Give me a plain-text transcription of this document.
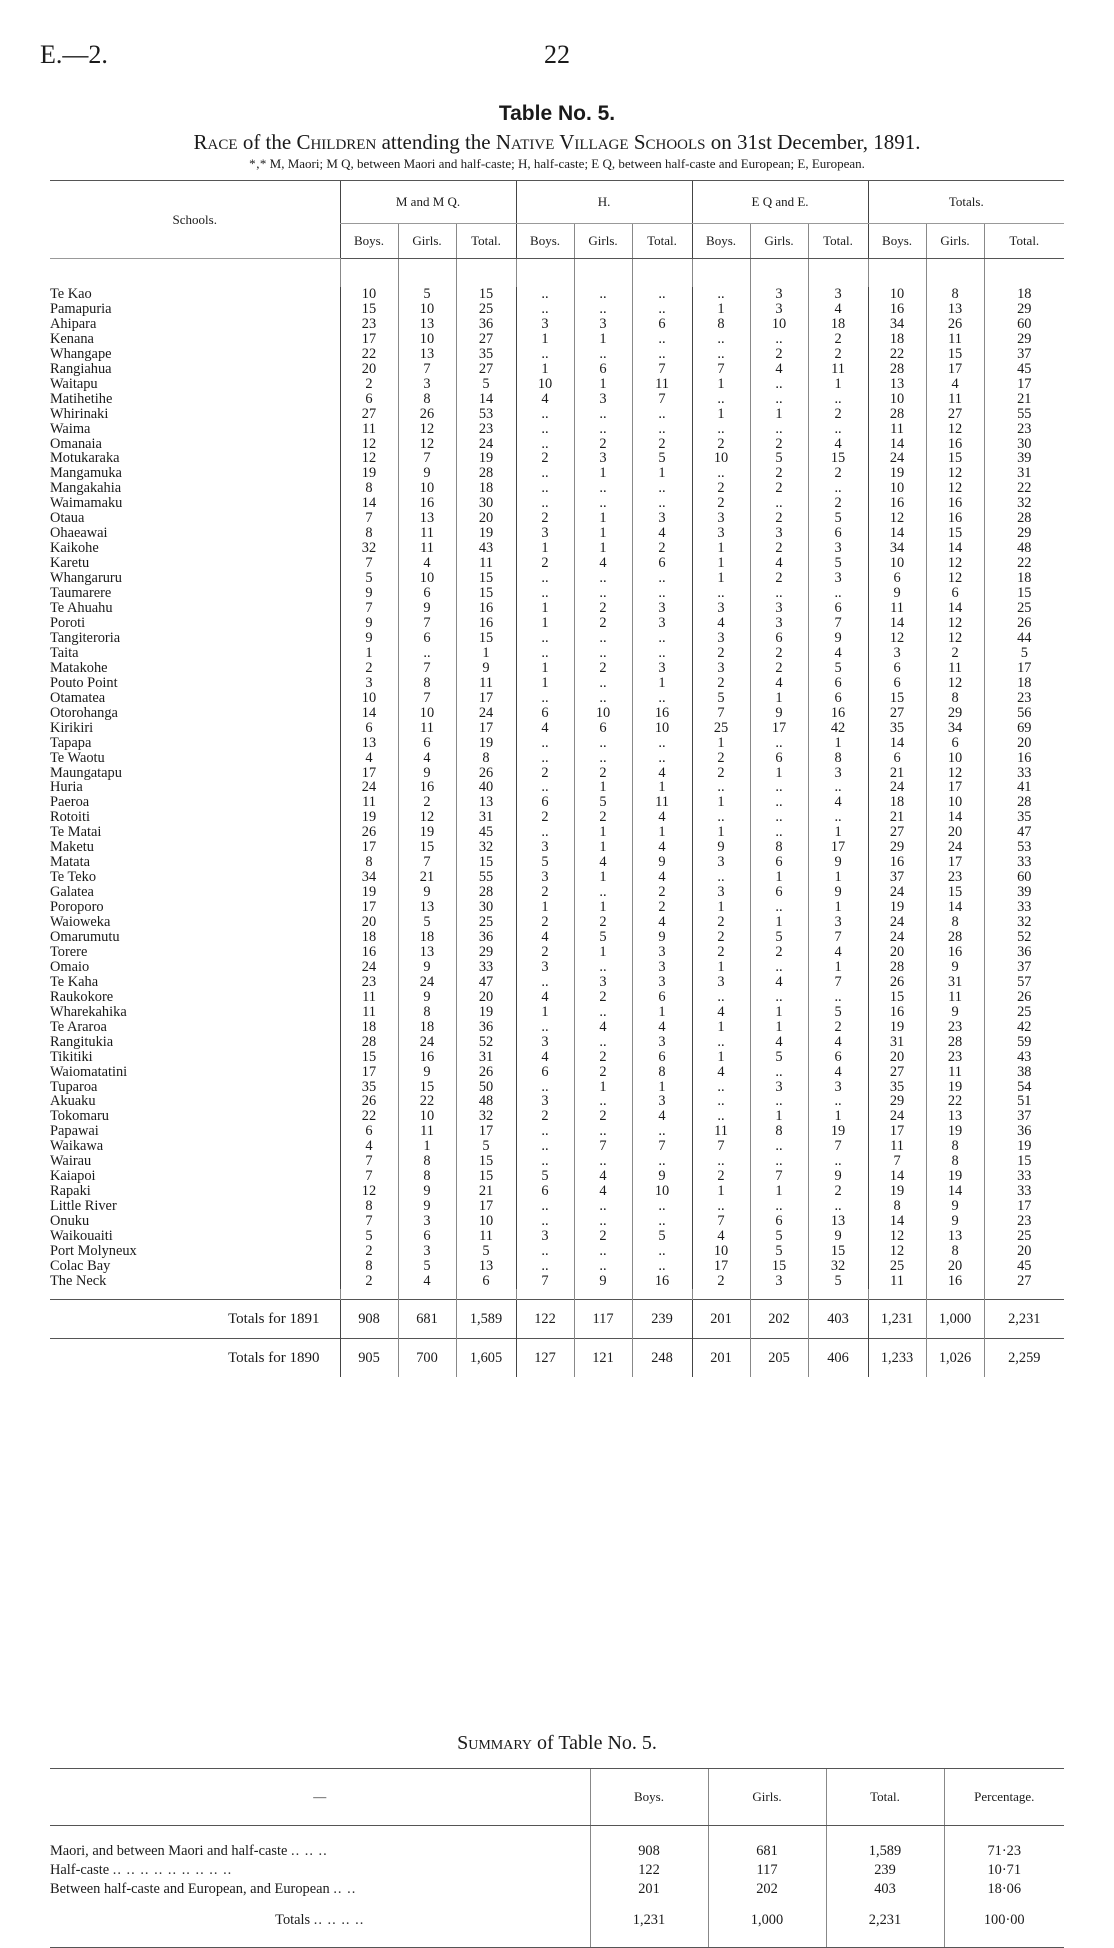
E.—2.	22
Table No. 5.
Race of the Children attending the Native Village Schools on 31st December, 1891.
*‚* M, Maori; M Q, between Maori and half-caste; H, half-caste; E Q, between half-caste and European; E, European.
Schools.	M and M Q.			H.			E Q and E.			Totals.		
	Boys.	Girls.	Total.	Boys.	Girls.	Total.	Boys.	Girls.	Total.	Boys.	Girls.	Total.

Te Kao	10	5	15	..	..	..	..	3	3	10	8	18
Pamapuria	15	10	25	..	..	..	1	3	4	16	13	29
Ahipara	23	13	36	3	3	6	8	10	18	34	26	60
Kenana	17	10	27	1	1	..	..	..	2	18	11	29
Whangape	22	13	35	..	..	..	..	2	2	22	15	37
Rangiahua	20	7	27	1	6	7	7	4	11	28	17	45
Waitapu	2	3	5	10	1	11	1	..	1	13	4	17
Matihetihe	6	8	14	4	3	7	..	..	..	10	11	21
Whirinaki	27	26	53	..	..	..	1	1	2	28	27	55
Waima	11	12	23	..	..	..	..	..	..	11	12	23
Omanaia	12	12	24	..	2	2	2	2	4	14	16	30
Motukaraka	12	7	19	2	3	5	10	5	15	24	15	39
Mangamuka	19	9	28	..	1	1	..	2	2	19	12	31
Mangakahia	8	10	18	..	..	..	2	2	..	10	12	22
Waimamaku	14	16	30	..	..	..	2	..	2	16	16	32
Otaua	7	13	20	2	1	3	3	2	5	12	16	28
Ohaeawai	8	11	19	3	1	4	3	3	6	14	15	29
Kaikohe	32	11	43	1	1	2	1	2	3	34	14	48
Karetu	7	4	11	2	4	6	1	4	5	10	12	22
Whangaruru	5	10	15	..	..	..	1	2	3	6	12	18
Taumarere	9	6	15	..	..	..	..	..	..	9	6	15
Te Ahuahu	7	9	16	1	2	3	3	3	6	11	14	25
Poroti	9	7	16	1	2	3	4	3	7	14	12	26
Tangiteroria	9	6	15	..	..	..	3	6	9	12	12	44
Taita	1	..	1	..	..	..	2	2	4	3	2	5
Matakohe	2	7	9	1	2	3	3	2	5	6	11	17
Pouto Point	3	8	11	1	..	1	2	4	6	6	12	18
Otamatea	10	7	17	..	..	..	5	1	6	15	8	23
Otorohanga	14	10	24	6	10	16	7	9	16	27	29	56
Kirikiri	6	11	17	4	6	10	25	17	42	35	34	69
Tapapa	13	6	19	..	..	..	1	..	1	14	6	20
Te Waotu	4	4	8	..	..	..	2	6	8	6	10	16
Maungatapu	17	9	26	2	2	4	2	1	3	21	12	33
Huria	24	16	40	..	1	1	..	..	..	24	17	41
Paeroa	11	2	13	6	5	11	1	..	4	18	10	28
Rotoiti	19	12	31	2	2	4	..	..	..	21	14	35
Te Matai	26	19	45	..	1	1	1	..	1	27	20	47
Maketu	17	15	32	3	1	4	9	8	17	29	24	53
Matata	8	7	15	5	4	9	3	6	9	16	17	33
Te Teko	34	21	55	3	1	4	..	1	1	37	23	60
Galatea	19	9	28	2	..	2	3	6	9	24	15	39
Poroporo	17	13	30	1	1	2	1	..	1	19	14	33
Waioweka	20	5	25	2	2	4	2	1	3	24	8	32
Omarumutu	18	18	36	4	5	9	2	5	7	24	28	52
Torere	16	13	29	2	1	3	2	2	4	20	16	36
Omaio	24	9	33	3	..	3	1	..	1	28	9	37
Te Kaha	23	24	47	..	3	3	3	4	7	26	31	57
Raukokore	11	9	20	4	2	6	..	..	..	15	11	26
Wharekahika	11	8	19	1	..	1	4	1	5	16	9	25
Te Araroa	18	18	36	..	4	4	1	1	2	19	23	42
Rangitukia	28	24	52	3	..	3	..	4	4	31	28	59
Tikitiki	15	16	31	4	2	6	1	5	6	20	23	43
Waiomatatini	17	9	26	6	2	8	4	..	4	27	11	38
Tuparoa	35	15	50	..	1	1	..	3	3	35	19	54
Akuaku	26	22	48	3	..	3	..	..	..	29	22	51
Tokomaru	22	10	32	2	2	4	..	1	1	24	13	37
Papawai	6	11	17	..	..	..	11	8	19	17	19	36
Waikawa	4	1	5	..	7	7	7	..	7	11	8	19
Wairau	7	8	15	..	..	..	..	..	..	7	8	15
Kaiapoi	7	8	15	5	4	9	2	7	9	14	19	33
Rapaki	12	9	21	6	4	10	1	1	2	19	14	33
Little River	8	9	17	..	..	..	..	..	..	8	9	17
Onuku	7	3	10	..	..	..	7	6	13	14	9	23
Waikouaiti	5	6	11	3	2	5	4	5	9	12	13	25
Port Molyneux	2	3	5	..	..	..	10	5	15	12	8	20
Colac Bay	8	5	13	..	..	..	17	15	32	25	20	45
The Neck	2	4	6	7	9	16	2	3	5	11	16	27

Totals for 1891	908	681	1,589	122	117	239	201	202	403	1,231	1,000	2,231
Totals for 1890	905	700	1,605	127	121	248	201	205	406	1,233	1,026	2,259
Summary of Table No. 5.
—	Boys.	Girls.	Total.	Percentage.
Maori, and between Maori and half-caste .. .. ..	908	681	1,589	71·23
Half-caste .. .. .. .. .. .. .. .. ..	122	117	239	10·71
Between half-caste and European, and European .. ..	201	202	403	18·06
Totals .. .. .. ..	1,231	1,000	2,231	100·00
